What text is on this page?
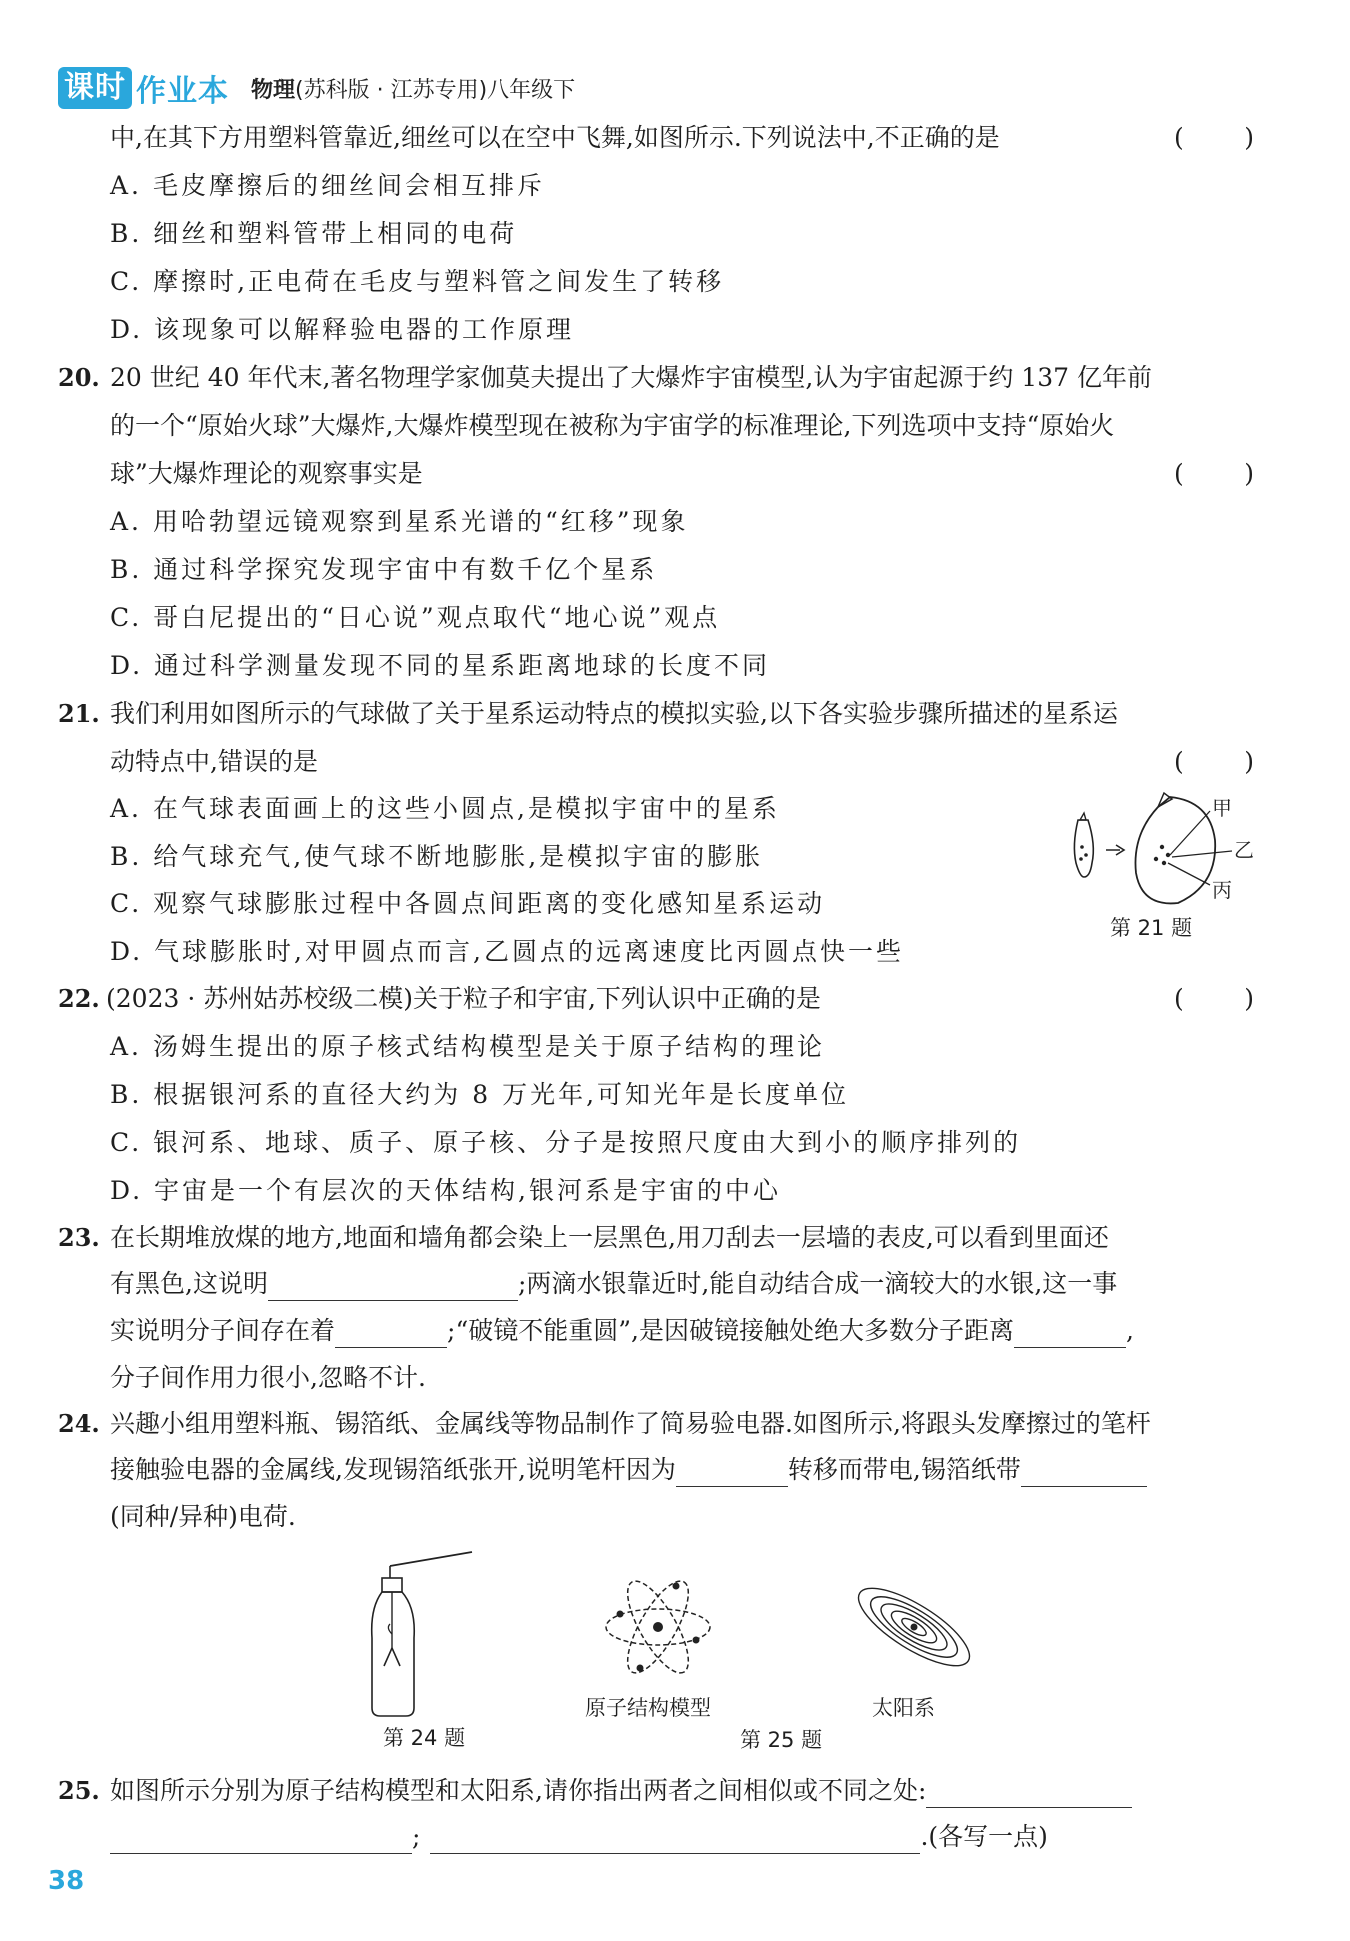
课时 作业本 物理(苏科版 · 江苏专用)八年级下
中,在其下方用塑料管靠近,细丝可以在空中飞舞,如图所示.下列说法中,不正确的是	( )
A. 毛皮摩擦后的细丝间会相互排斥
B. 细丝和塑料管带上相同的电荷
C. 摩擦时,正电荷在毛皮与塑料管之间发生了转移
D. 该现象可以解释验电器的工作原理
20. 20 世纪 40 年代末,著名物理学家伽莫夫提出了大爆炸宇宙模型,认为宇宙起源于约 137 亿年前
的一个“原始火球”大爆炸,大爆炸模型现在被称为宇宙学的标准理论,下列选项中支持“原始火
球”大爆炸理论的观察事实是	( )
A. 用哈勃望远镜观察到星系光谱的“红移”现象
B. 通过科学探究发现宇宙中有数千亿个星系
C. 哥白尼提出的“日心说”观点取代“地心说”观点
D. 通过科学测量发现不同的星系距离地球的长度不同
21. 我们利用如图所示的气球做了关于星系运动特点的模拟实验,以下各实验步骤所描述的星系运
动特点中,错误的是	( )
A. 在气球表面画上的这些小圆点,是模拟宇宙中的星系
B. 给气球充气,使气球不断地膨胀,是模拟宇宙的膨胀
C. 观察气球膨胀过程中各圆点间距离的变化感知星系运动
D. 气球膨胀时,对甲圆点而言,乙圆点的远离速度比丙圆点快一些
甲
乙
丙
第 21 题
22. (2023 · 苏州姑苏校级二模)关于粒子和宇宙,下列认识中正确的是	( )
A. 汤姆生提出的原子核式结构模型是关于原子结构的理论
B. 根据银河系的直径大约为 8 万光年,可知光年是长度单位
C. 银河系、地球、质子、原子核、分子是按照尺度由大到小的顺序排列的
D. 宇宙是一个有层次的天体结构,银河系是宇宙的中心
23. 在长期堆放煤的地方,地面和墙角都会染上一层黑色,用刀刮去一层墙的表皮,可以看到里面还
有黑色,这说明	;两滴水银靠近时,能自动结合成一滴较大的水银,这一事
实说明分子间存在着	;“破镜不能重圆”,是因破镜接触处绝大多数分子距离	,
分子间作用力很小,忽略不计.
24. 兴趣小组用塑料瓶、锡箔纸、金属线等物品制作了简易验电器.如图所示,将跟头发摩擦过的笔杆
接触验电器的金属线,发现锡箔纸张开,说明笔杆因为	转移而带电,锡箔纸带
(同种/异种)电荷.
第 24 题
原子结构模型	太阳系
第 25 题
25. 如图所示分别为原子结构模型和太阳系,请你指出两者之间相似或不同之处:
;	.(各写一点)
38
